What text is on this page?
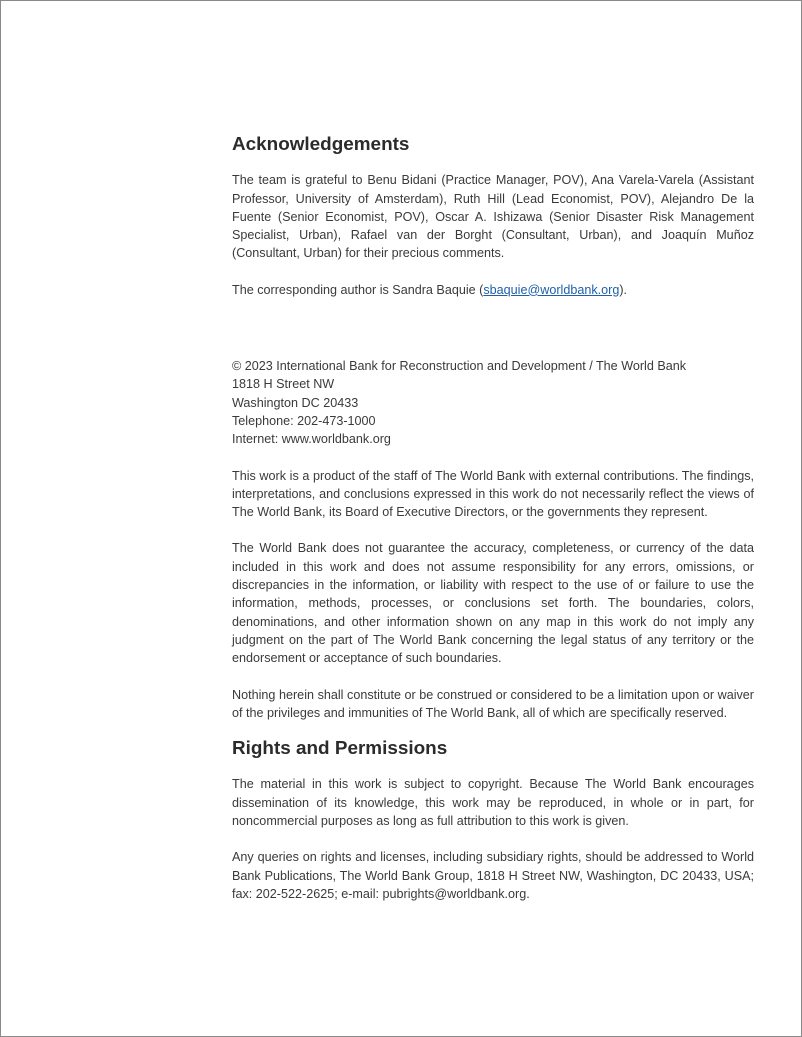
Acknowledgements

The team is grateful to Benu Bidani (Practice Manager, POV), Ana Varela-Varela (Assistant Professor, University of Amsterdam), Ruth Hill (Lead Economist, POV), Alejandro De la Fuente (Senior Economist, POV), Oscar A. Ishizawa (Senior Disaster Risk Management Specialist, Urban), Rafael van der Borght (Consultant, Urban), and Joaquín Muñoz (Consultant, Urban) for their precious comments.

The corresponding author is Sandra Baquie (sbaquie@worldbank.org).

© 2023 International Bank for Reconstruction and Development / The World Bank
1818 H Street NW
Washington DC 20433
Telephone: 202-473-1000
Internet: www.worldbank.org

This work is a product of the staff of The World Bank with external contributions. The findings, interpretations, and conclusions expressed in this work do not necessarily reflect the views of The World Bank, its Board of Executive Directors, or the governments they represent.

The World Bank does not guarantee the accuracy, completeness, or currency of the data included in this work and does not assume responsibility for any errors, omissions, or discrepancies in the information, or liability with respect to the use of or failure to use the information, methods, processes, or conclusions set forth. The boundaries, colors, denominations, and other information shown on any map in this work do not imply any judgment on the part of The World Bank concerning the legal status of any territory or the endorsement or acceptance of such boundaries.

Nothing herein shall constitute or be construed or considered to be a limitation upon or waiver of the privileges and immunities of The World Bank, all of which are specifically reserved.

Rights and Permissions

The material in this work is subject to copyright. Because The World Bank encourages dissemination of its knowledge, this work may be reproduced, in whole or in part, for noncommercial purposes as long as full attribution to this work is given.

Any queries on rights and licenses, including subsidiary rights, should be addressed to World Bank Publications, The World Bank Group, 1818 H Street NW, Washington, DC 20433, USA; fax: 202-522-2625; e-mail: pubrights@worldbank.org.
